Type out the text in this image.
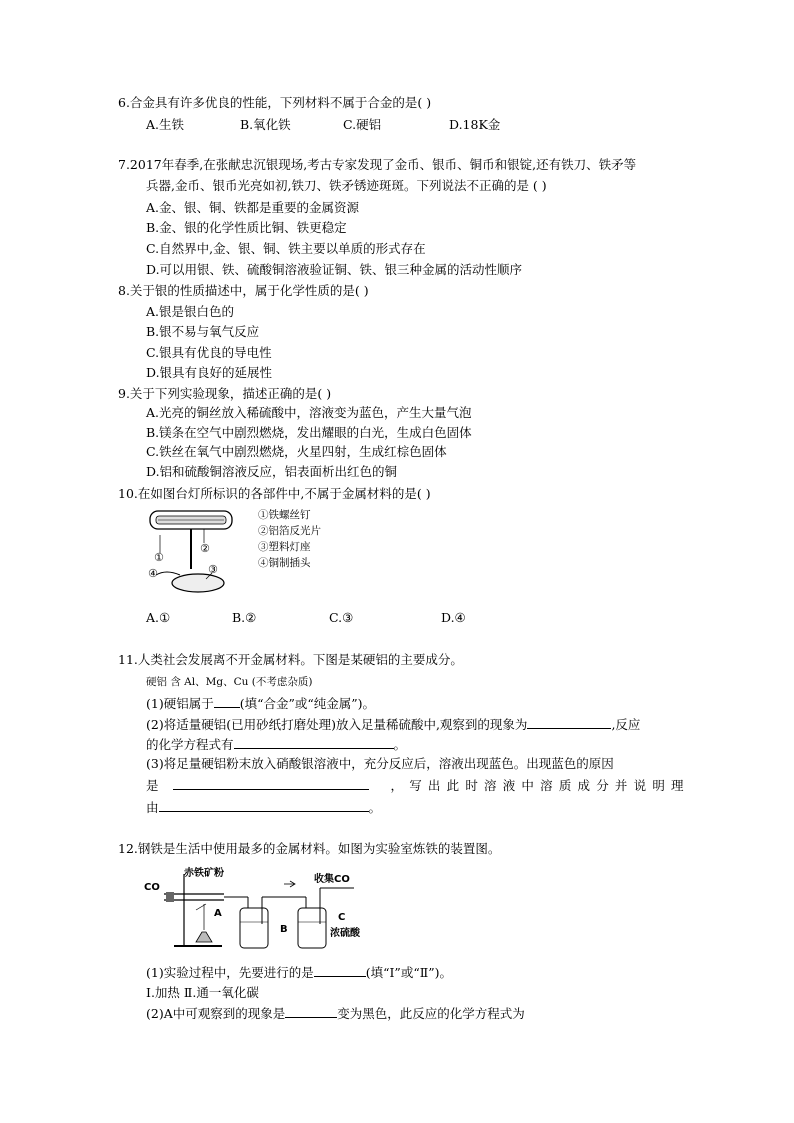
6.合金具有许多优良的性能，下列材料不属于合金的是( )
A.生铁	B.氧化铁	C.硬铝	D.18K金
7.2017年春季,在张献忠沉银现场,考古专家发现了金币、银币、铜币和银锭,还有铁刀、铁矛等
兵器,金币、银币光亮如初,铁刀、铁矛锈迹斑斑。下列说法不正确的是 ( )
A.金、银、铜、铁都是重要的金属资源
B.金、银的化学性质比铜、铁更稳定
C.自然界中,金、银、铜、铁主要以单质的形式存在
D.可以用银、铁、硫酸铜溶液验证铜、铁、银三种金属的活动性顺序
8.关于银的性质描述中，属于化学性质的是( )
A.银是银白色的
B.银不易与氧气反应
C.银具有优良的导电性
D.银具有良好的延展性
9.关于下列实验现象，描述正确的是( )
A.光亮的铜丝放入稀硫酸中，溶液变为蓝色，产生大量气泡
B.镁条在空气中剧烈燃烧，发出耀眼的白光，生成白色固体
C.铁丝在氧气中剧烈燃烧，火星四射，生成红棕色固体
D.铝和硫酸铜溶液反应，铝表面析出红色的铜
10.在如图台灯所标识的各部件中,不属于金属材料的是( )
①
②
③
④
①铁螺丝钉
②铝箔反光片
③塑料灯座
④铜制插头
A.①	B.②	C.③	D.④
11.人类社会发展离不开金属材料。下图是某硬铝的主要成分。
硬铝 含 Al、Mg、Cu (不考虑杂质)
(1)硬铝属于 (填“合金”或“纯金属”)。
(2)将适量硬铝(已用砂纸打磨处理)放入足量稀硫酸中,观察到的现象为	,反应
的化学方程式有	。
(3)将足量硬铝粉末放入硝酸银溶液中，充分反应后，溶液出现蓝色。出现蓝色的原因
是	，写出此时溶液中溶质成分并说明理
由	。
12.钢铁是生活中使用最多的金属材料。如图为实验室炼铁的装置图。
CO
赤铁矿粉
收集CO
A
B
C
浓硫酸
(1)实验过程中，先要进行的是	(填“Ⅰ”或“Ⅱ”)。
Ⅰ.加热 Ⅱ.通一氧化碳
(2)A中可观察到的现象是	变为黑色，此反应的化学方程式为
